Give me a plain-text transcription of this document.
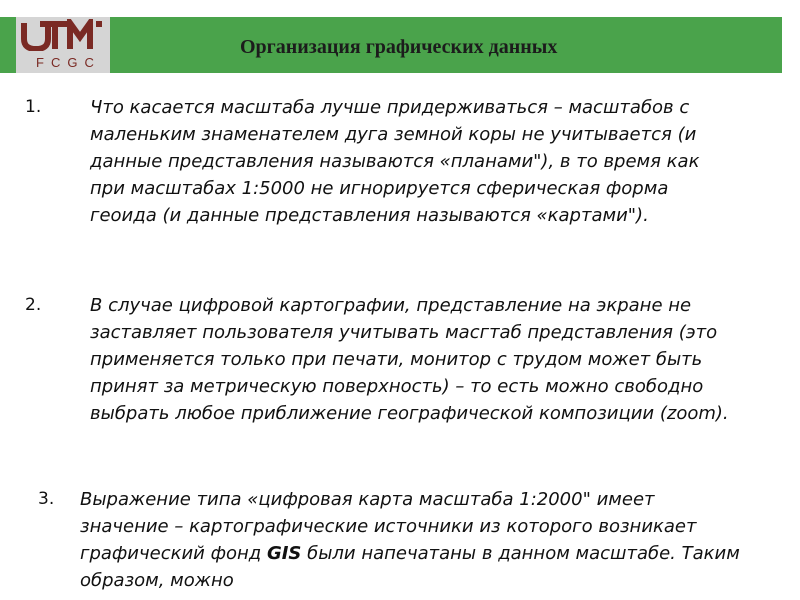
FCGC
Организация графических данных
1.	Что касается масштаба лучше придерживаться – масштабов с маленьким знаменателем дуга земной коры не учитывается (и данные представления называются «планами"), в то время как при масштабах 1:5000 не игнорируется сферическая форма геоида (и данные представления называются «картами").
2.	В случае цифровой картографии, представление на экране не заставляет пользователя учитывать масгтаб представления (это применяется только при печати, монитор с трудом может быть принят за метрическую поверхность) – то есть можно свободно выбрать любое приближение географической композиции (zoom).
3. Выражение типа «цифровая карта масштаба 1:2000" имеет значение – картографические источники из которого возникает графический фонд GIS были напечатаны в данном масштабе. Таким образом, можно
